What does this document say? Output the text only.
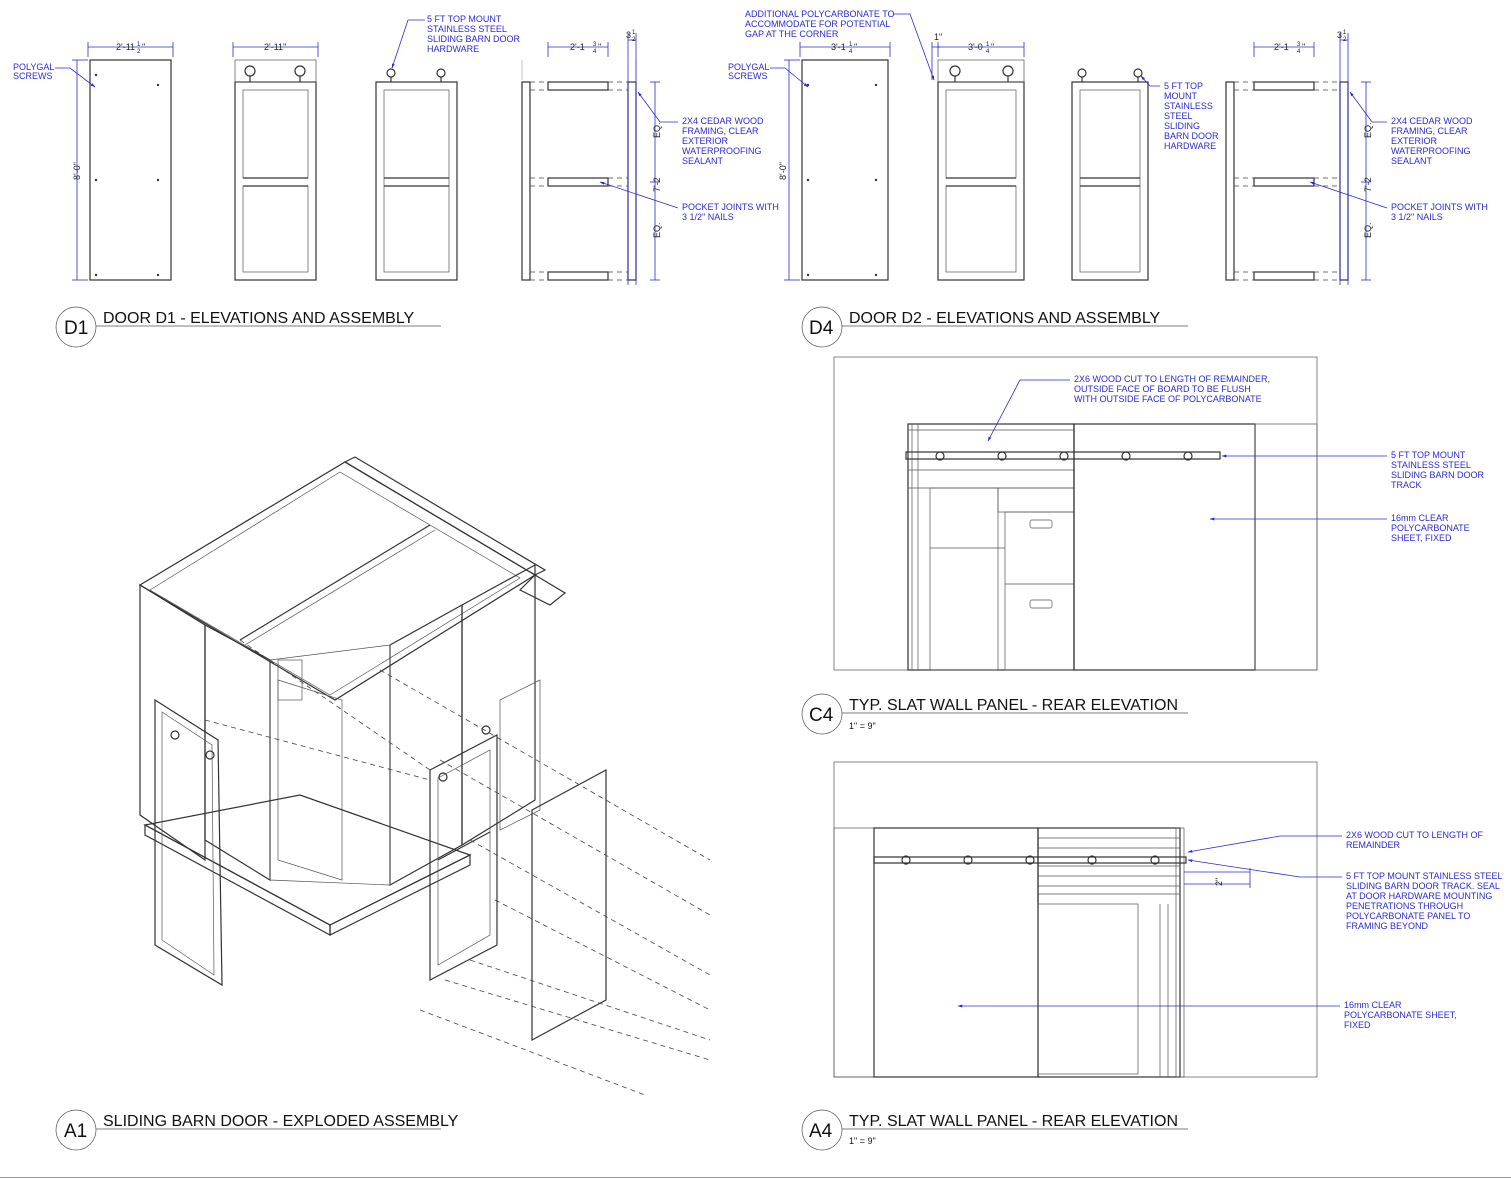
2'-11 1
2 "	2'-11"	2'-1 3
4 "
3 1
2
8'-0"
EQ.
7'-2
EQ.
POLYGAL SCREWS
5 FT TOP MOUNT STAINLESS STEEL SLIDING BARN DOOR HARDWARE
2X4 CEDAR WOOD FRAMING, CLEAR EXTERIOR WATERPROOFING SEALANT
POCKET JOINTS WITH 3 1/2" NAILS
3'-1 1
4 "
1"
3'-0 1
4 "	2'-1 3
4 "
3 1
2
8'-0"
EQ.
7'-2
EQ.
ADDITIONAL POLYCARBONATE TO ACCOMMODATE FOR POTENTIAL GAP AT THE CORNER
POLYGAL SCREWS
5 FT TOP MOUNT STAINLESS STEEL SLIDING BARN DOOR HARDWARE
2X4 CEDAR WOOD FRAMING, CLEAR EXTERIOR WATERPROOFING SEALANT
POCKET JOINTS WITH 3 1/2" NAILS
2X6 WOOD CUT TO LENGTH OF REMAINDER, OUTSIDE FACE OF BOARD TO BE FLUSH WITH OUTSIDE FACE OF POLYCARBONATE
5 FT TOP MOUNT STAINLESS STEEL SLIDING BARN DOOR TRACK
16mm CLEAR POLYCARBONATE SHEET, FIXED
2"
2X6 WOOD CUT TO LENGTH OF REMAINDER
5 FT TOP MOUNT STAINLESS STEEL SLIDING BARN DOOR TRACK. SEAL AT DOOR HARDWARE MOUNTING PENETRATIONS THROUGH POLYCARBONATE PANEL TO FRAMING BEYOND
16mm CLEAR POLYCARBONATE SHEET, FIXED
D1 DOOR D1 - ELEVATIONS AND ASSEMBLY	D4 DOOR D2 - ELEVATIONS AND ASSEMBLY
C4 TYP. SLAT WALL PANEL - REAR ELEVATION
1" = 9"
A1 SLIDING BARN DOOR - EXPLODED ASSEMBLY	A4 TYP. SLAT WALL PANEL - REAR ELEVATION
1" = 9"
